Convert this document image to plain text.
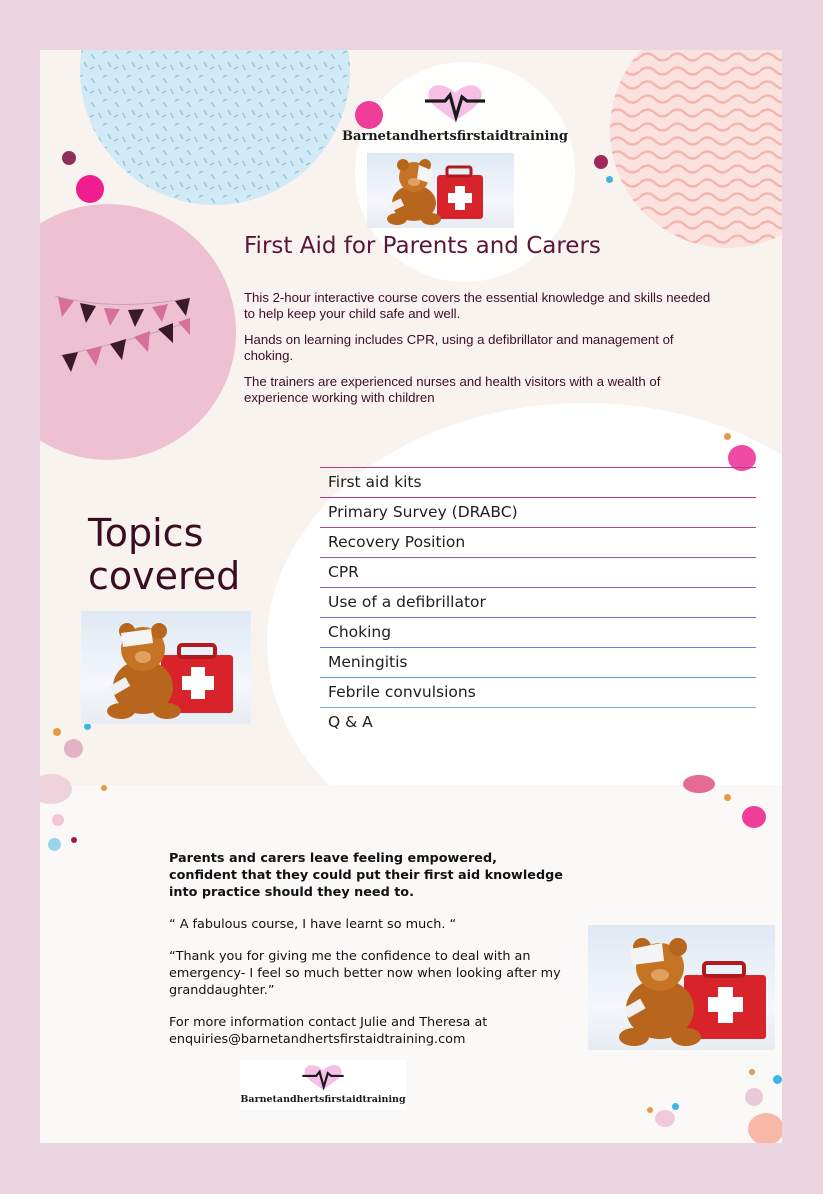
Barnetandhertsfirstaidtraining
First Aid for Parents and Carers

This 2-hour interactive course covers the essential knowledge and skills needed to help keep your child safe and well.

Hands on learning includes CPR, using a defibrillator and management of choking.

The trainers are experienced nurses and health visitors with a wealth of experience working with children

Topics
covered
First aid kits
Primary Survey (DRABC)
Recovery Position
CPR
Use of a defibrillator
Choking
Meningitis
Febrile convulsions
Q & A

Parents and carers leave feeling empowered, confident that they could put their first aid knowledge into practice should they need to.

“ A fabulous course, I have learnt so much. “

“Thank you for giving me the confidence to deal with an emergency- I feel so much better now when looking after my granddaughter.”

For more information contact Julie and Theresa at
enquiries@barnetandhertsfirstaidtraining.com

Barnetandhertsfirstaidtraining
